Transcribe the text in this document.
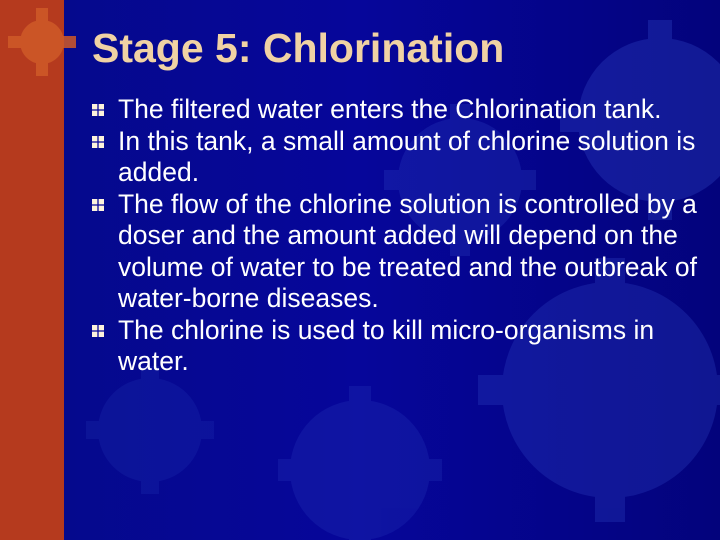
Stage 5: Chlorination
The filtered water enters the Chlorination tank.
In this tank, a small amount of chlorine solution is added.
The flow of the chlorine solution is controlled by a doser and the amount added will depend on the volume of water to be treated and the outbreak of water-borne diseases.
The chlorine is used to kill micro-organisms in water.
